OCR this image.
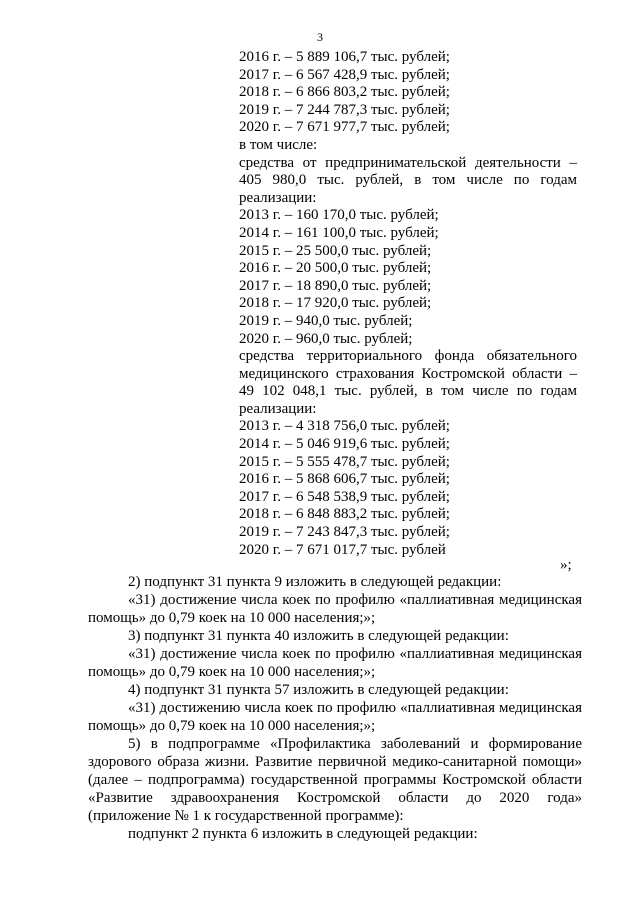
3
2016 г. – 5 889 106,7 тыс. рублей;
2017 г. – 6 567 428,9 тыс. рублей;
2018 г. – 6 866 803,2 тыс. рублей;
2019 г. – 7 244 787,3 тыс. рублей;
2020 г. – 7 671 977,7 тыс. рублей;
в том числе:
средства от предпринимательской деятельности – 405 980,0 тыс. рублей, в том числе по годам реализации:
2013 г. – 160 170,0 тыс. рублей;
2014 г. – 161 100,0 тыс. рублей;
2015 г. – 25 500,0 тыс. рублей;
2016 г. – 20 500,0 тыс. рублей;
2017 г. – 18 890,0 тыс. рублей;
2018 г. – 17 920,0 тыс. рублей;
2019 г. – 940,0 тыс. рублей;
2020 г. – 960,0 тыс. рублей;
средства территориального фонда обязательного медицинского страхования Костромской области – 49 102 048,1 тыс. рублей, в том числе по годам реализации:
2013 г. – 4 318 756,0 тыс. рублей;
2014 г. – 5 046 919,6 тыс. рублей;
2015 г. – 5 555 478,7 тыс. рублей;
2016 г. – 5 868 606,7 тыс. рублей;
2017 г. – 6 548 538,9 тыс. рублей;
2018 г. – 6 848 883,2 тыс. рублей;
2019 г. – 7 243 847,3 тыс. рублей;
2020 г. – 7 671 017,7 тыс. рублей
»;

2) подпункт 31 пункта 9 изложить в следующей редакции:

«31) достижение числа коек по профилю «паллиативная медицинская помощь» до 0,79 коек на 10 000 населения;»;

3) подпункт 31 пункта 40 изложить в следующей редакции:

«31) достижение числа коек по профилю «паллиативная медицинская помощь» до 0,79 коек на 10 000 населения;»;

4) подпункт 31 пункта 57 изложить в следующей редакции:

«31) достижению числа коек по профилю «паллиативная медицинская помощь» до 0,79 коек на 10 000 населения;»;

5) в подпрограмме «Профилактика заболеваний и формирование здорового образа жизни. Развитие первичной медико-санитарной помощи» (далее – подпрограмма) государственной программы Костромской области «Развитие здравоохранения Костромской области до 2020 года» (приложение № 1 к государственной программе):

подпункт 2 пункта 6 изложить в следующей редакции:
